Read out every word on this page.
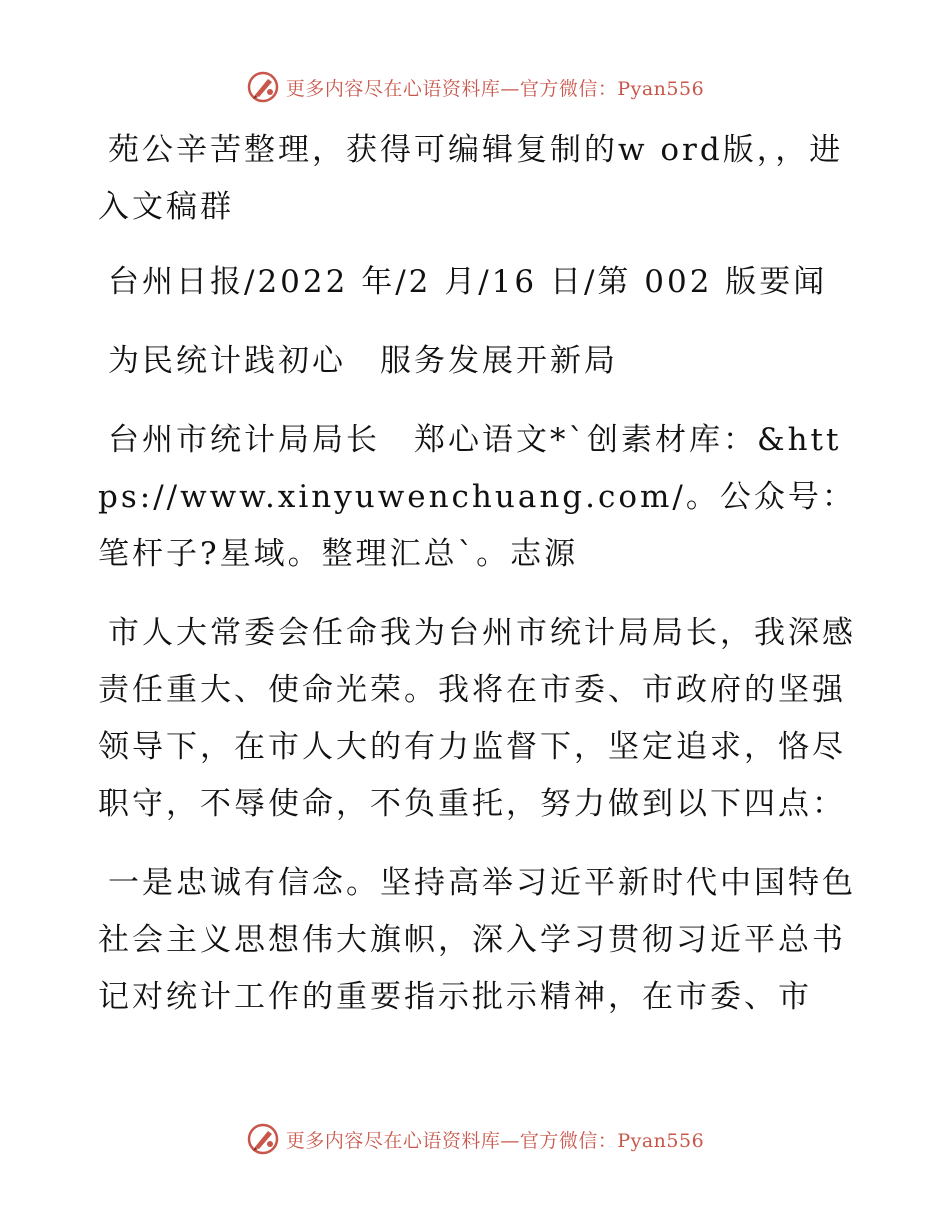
更多内容尽在心语资料库—官方微信：Pyan556

苑公辛苦整理，获得可编辑复制的w ord版，，进入文稿群

台州日报/2022 年/2 月/16 日/第 002 版要闻

为民统计践初心　服务发展开新局

台州市统计局局长　郑心语文*`创素材库：&https://www.xinyuwenchuang.com/。公众号：笔杆子?星域。整理汇总`。志源

市人大常委会任命我为台州市统计局局长，我深感责任重大、使命光荣。我将在市委、市政府的坚强领导下，在市人大的有力监督下，坚定追求，恪尽职守，不辱使命，不负重托，努力做到以下四点：

一是忠诚有信念。坚持高举习近平新时代中国特色社会主义思想伟大旗帜，深入学习贯彻习近平总书记对统计工作的重要指示批示精神，在市委、市

更多内容尽在心语资料库—官方微信：Pyan556
